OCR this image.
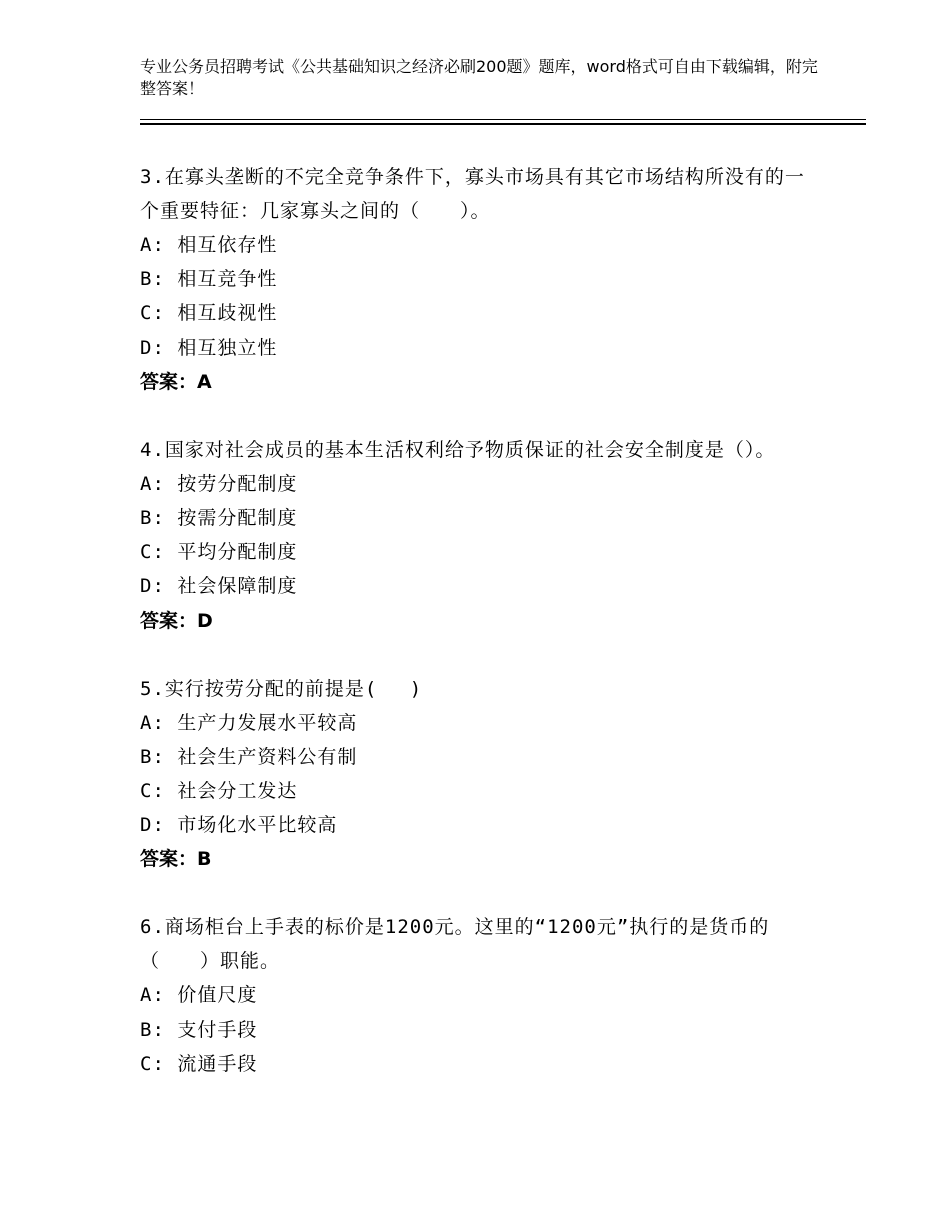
专业公务员招聘考试《公共基础知识之经济必刷200题》题库，word格式可自由下载编辑，附完整答案！

3.在寡头垄断的不完全竞争条件下，寡头市场具有其它市场结构所没有的一个重要特征：几家寡头之间的（　　）。

A: 相互依存性

B: 相互竞争性

C: 相互歧视性

D: 相互独立性

答案：A

4.国家对社会成员的基本生活权利给予物质保证的社会安全制度是（）。

A: 按劳分配制度

B: 按需分配制度

C: 平均分配制度

D: 社会保障制度

答案：D

5.实行按劳分配的前提是(　 )

A: 生产力发展水平较高

B: 社会生产资料公有制

C: 社会分工发达

D: 市场化水平比较高

答案：B

6.商场柜台上手表的标价是1200元。这里的“1200元”执行的是货币的（　　）职能。

A: 价值尺度

B: 支付手段

C: 流通手段
